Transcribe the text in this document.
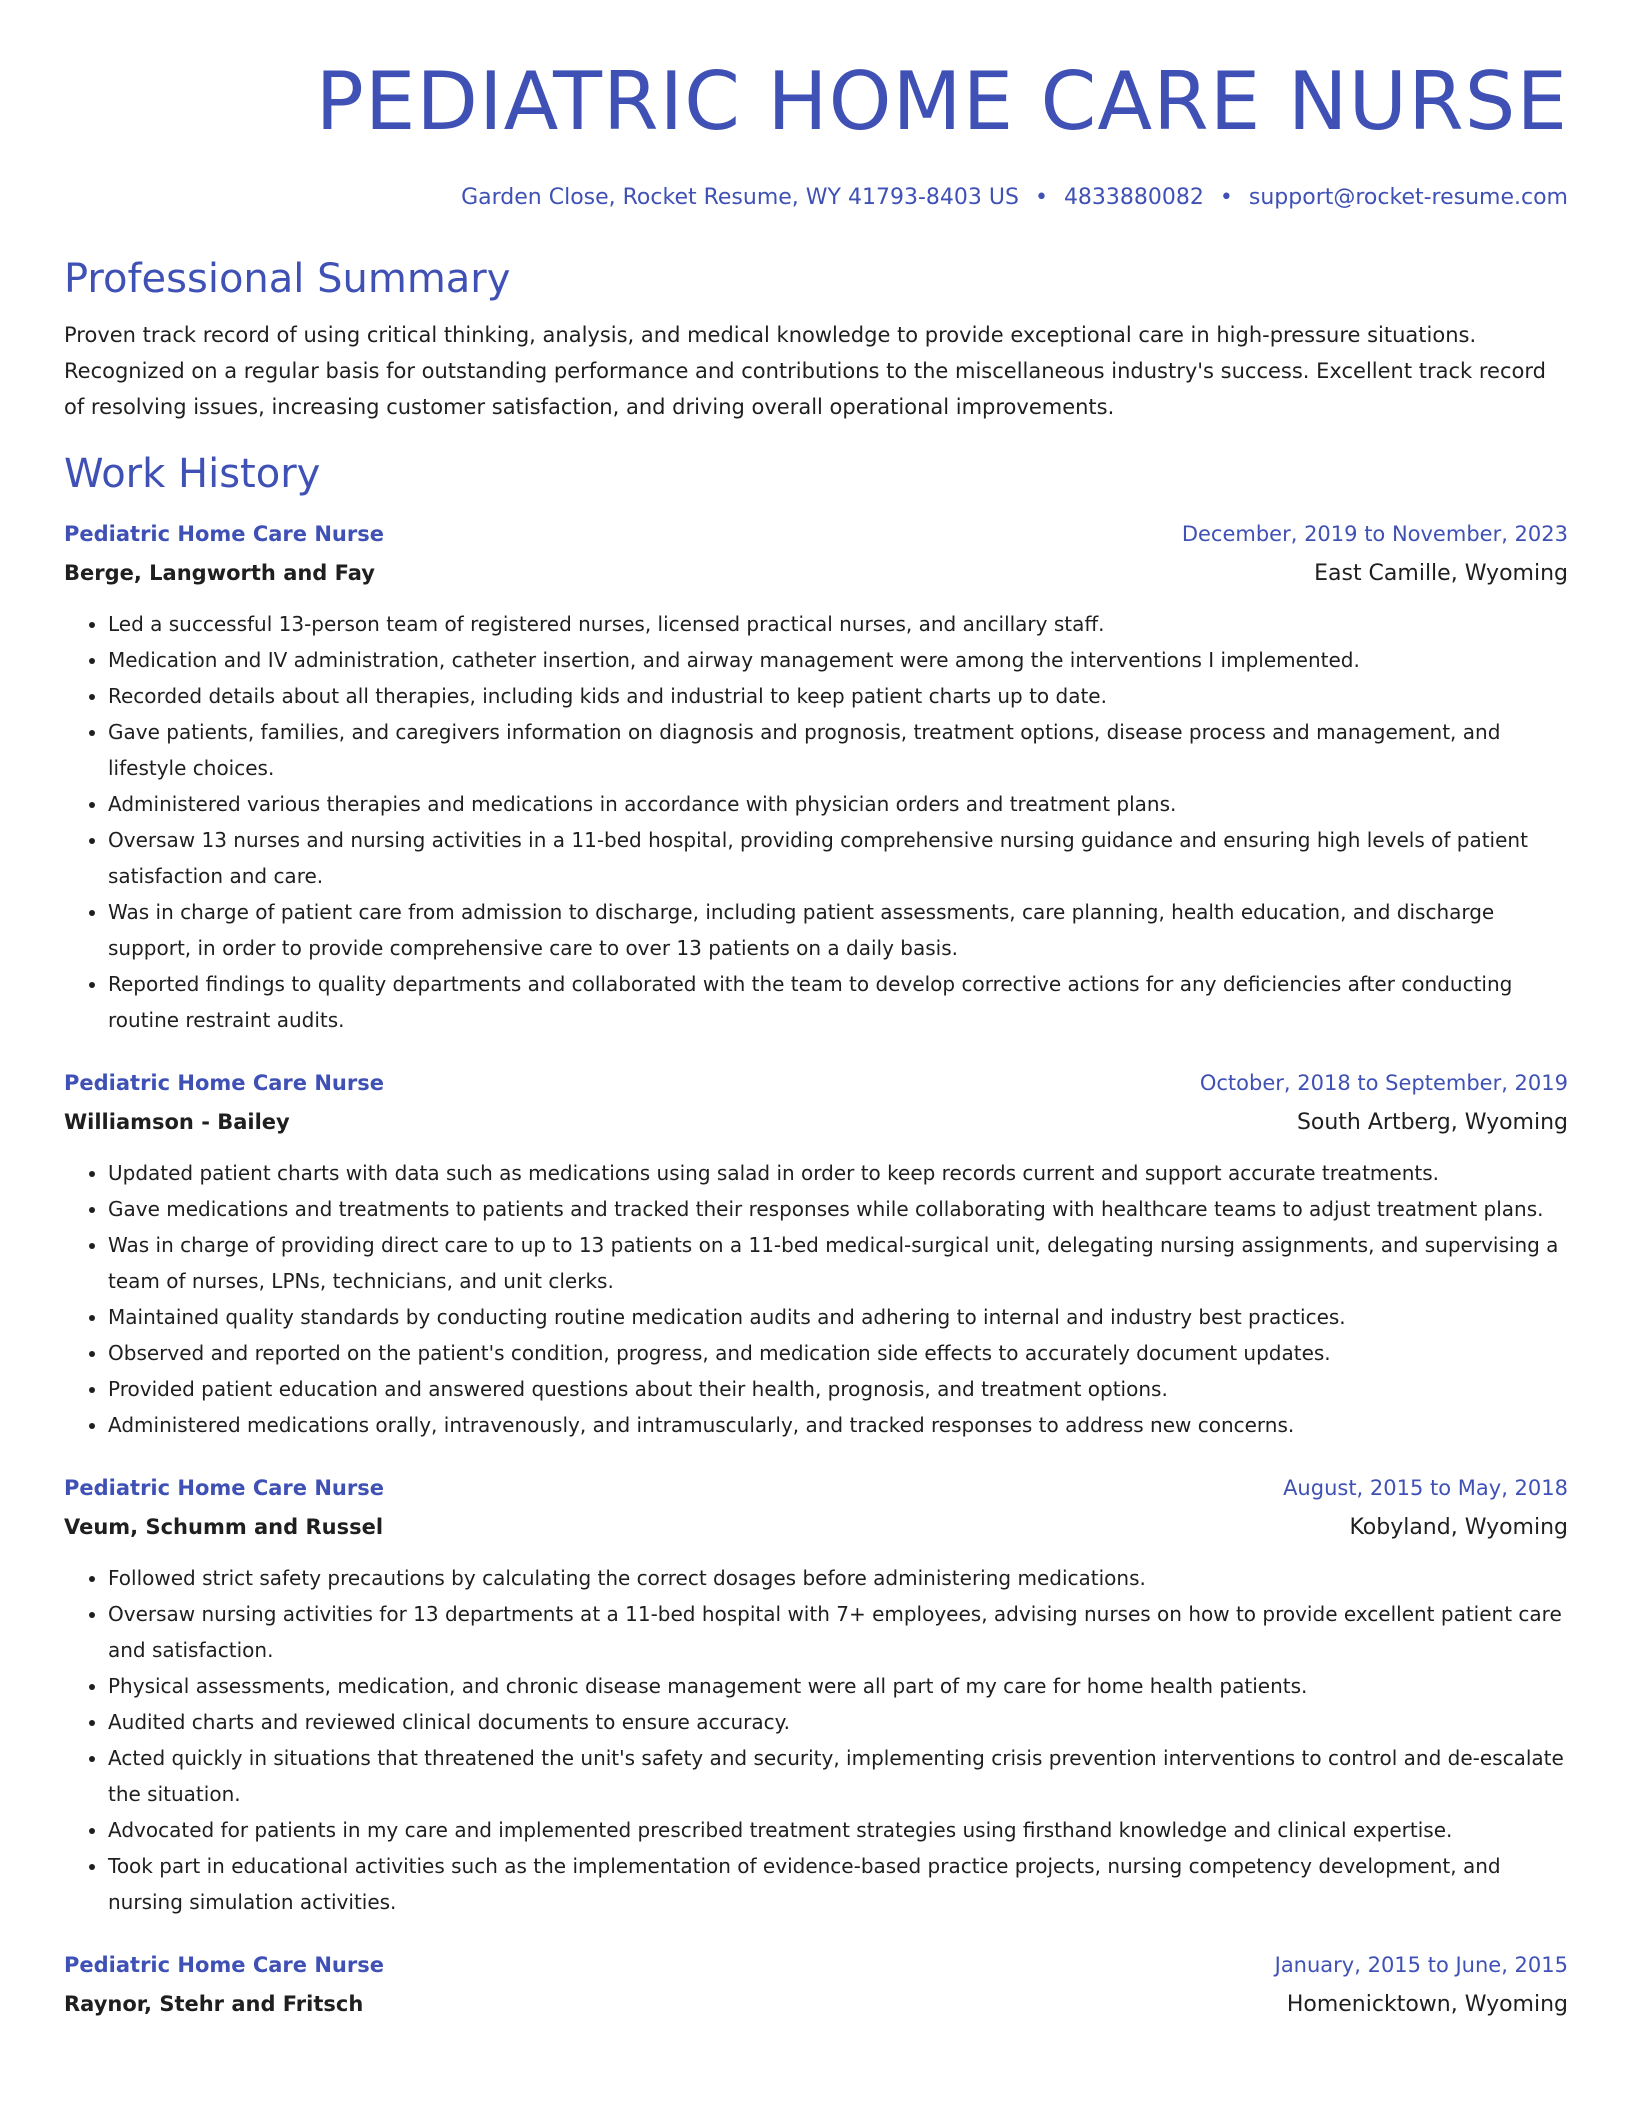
PEDIATRIC HOME CARE NURSE
Garden Close, Rocket Resume, WY 41793-8403 US • 4833880082 • support@rocket-resume.com
Professional Summary
Proven track record of using critical thinking, analysis, and medical knowledge to provide exceptional care in high-pressure situations. Recognized on a regular basis for outstanding performance and contributions to the miscellaneous industry's success. Excellent track record of resolving issues, increasing customer satisfaction, and driving overall operational improvements.
Work History
Pediatric Home Care Nurse	December, 2019 to November, 2023
Berge, Langworth and Fay	East Camille, Wyoming
• Led a successful 13-person team of registered nurses, licensed practical nurses, and ancillary staff.
• Medication and IV administration, catheter insertion, and airway management were among the interventions I implemented.
• Recorded details about all therapies, including kids and industrial to keep patient charts up to date.
• Gave patients, families, and caregivers information on diagnosis and prognosis, treatment options, disease process and management, and lifestyle choices.
• Administered various therapies and medications in accordance with physician orders and treatment plans.
• Oversaw 13 nurses and nursing activities in a 11-bed hospital, providing comprehensive nursing guidance and ensuring high levels of patient satisfaction and care.
• Was in charge of patient care from admission to discharge, including patient assessments, care planning, health education, and discharge support, in order to provide comprehensive care to over 13 patients on a daily basis.
• Reported findings to quality departments and collaborated with the team to develop corrective actions for any deficiencies after conducting routine restraint audits.
Pediatric Home Care Nurse	October, 2018 to September, 2019
Williamson - Bailey	South Artberg, Wyoming
• Updated patient charts with data such as medications using salad in order to keep records current and support accurate treatments.
• Gave medications and treatments to patients and tracked their responses while collaborating with healthcare teams to adjust treatment plans.
• Was in charge of providing direct care to up to 13 patients on a 11-bed medical-surgical unit, delegating nursing assignments, and supervising a team of nurses, LPNs, technicians, and unit clerks.
• Maintained quality standards by conducting routine medication audits and adhering to internal and industry best practices.
• Observed and reported on the patient's condition, progress, and medication side effects to accurately document updates.
• Provided patient education and answered questions about their health, prognosis, and treatment options.
• Administered medications orally, intravenously, and intramuscularly, and tracked responses to address new concerns.
Pediatric Home Care Nurse	August, 2015 to May, 2018
Veum, Schumm and Russel	Kobyland, Wyoming
• Followed strict safety precautions by calculating the correct dosages before administering medications.
• Oversaw nursing activities for 13 departments at a 11-bed hospital with 7+ employees, advising nurses on how to provide excellent patient care and satisfaction.
• Physical assessments, medication, and chronic disease management were all part of my care for home health patients.
• Audited charts and reviewed clinical documents to ensure accuracy.
• Acted quickly in situations that threatened the unit's safety and security, implementing crisis prevention interventions to control and de-escalate the situation.
• Advocated for patients in my care and implemented prescribed treatment strategies using firsthand knowledge and clinical expertise.
• Took part in educational activities such as the implementation of evidence-based practice projects, nursing competency development, and nursing simulation activities.
Pediatric Home Care Nurse	January, 2015 to June, 2015
Raynor, Stehr and Fritsch	Homenicktown, Wyoming
